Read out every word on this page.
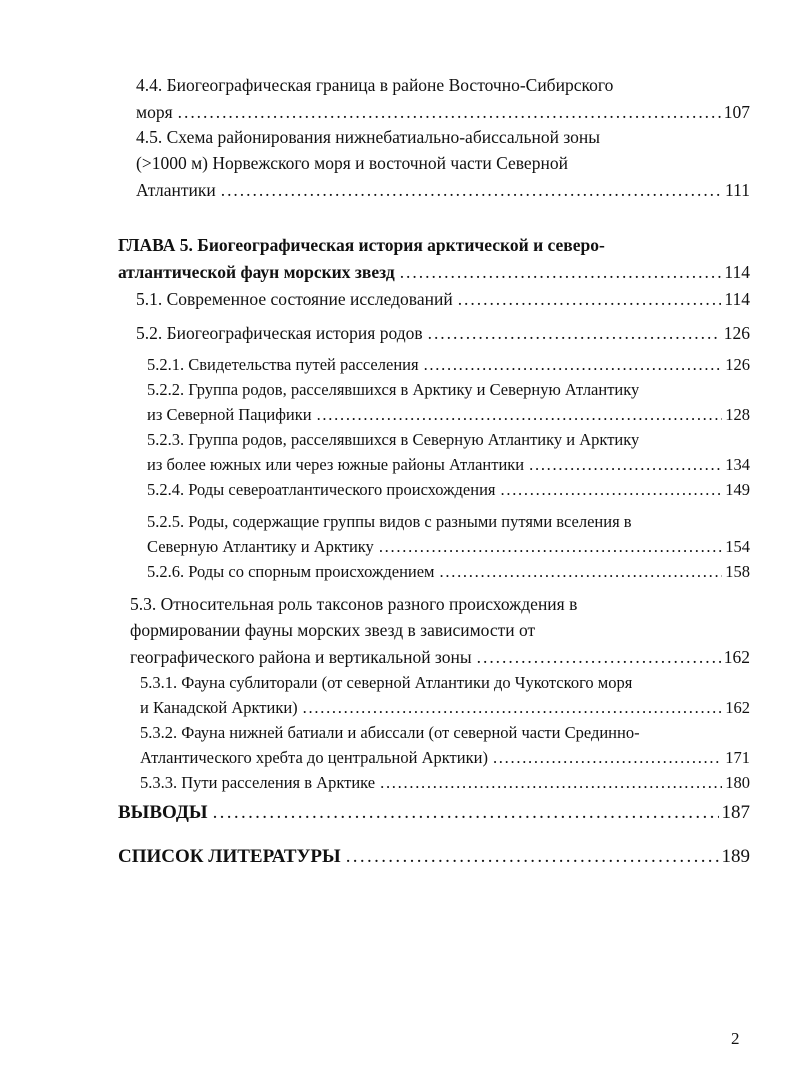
4.4. Биогеографическая граница в районе Восточно-Сибирского
моря . . .	107
4.5. Схема районирования нижнебатиально-абиссальной зоны
(>1000 м) Норвежского моря и восточной части Северной
Атлантики . . .	111
ГЛАВА 5. Биогеографическая история арктической и северо-
атлантической фаун морских звезд . . .	114
5.1. Современное состояние исследований . . .	114
5.2. Биогеографическая история родов . . .	126
5.2.1. Свидетельства путей расселения . . .	126
5.2.2. Группа родов, расселявшихся в Арктику и Северную Атлантику
из Северной Пацифики . . .	128
5.2.3. Группа родов, расселявшихся в Северную Атлантику и Арктику
из более южных или через южные районы Атлантики . . .	134
5.2.4. Роды североатлантического происхождения . . .	149
5.2.5. Роды, содержащие группы видов с разными путями вселения в
Северную Атлантику и Арктику . . .	154
5.2.6. Роды со спорным происхождением . . .	158
5.3. Относительная роль таксонов разного происхождения в
формировании фауны морских звезд в зависимости от
географического района и вертикальной зоны . . .	162
5.3.1. Фауна сублиторали (от северной Атлантики до Чукотского моря
и Канадской Арктики) . . .	162
5.3.2. Фауна нижней батиали и абиссали (от северной части Срединно-
Атлантического хребта до центральной Арктики) . . .	171
5.3.3. Пути расселения в Арктике . . .	180
ВЫВОДЫ . . .	187
СПИСОК ЛИТЕРАТУРЫ . . .	189
2
